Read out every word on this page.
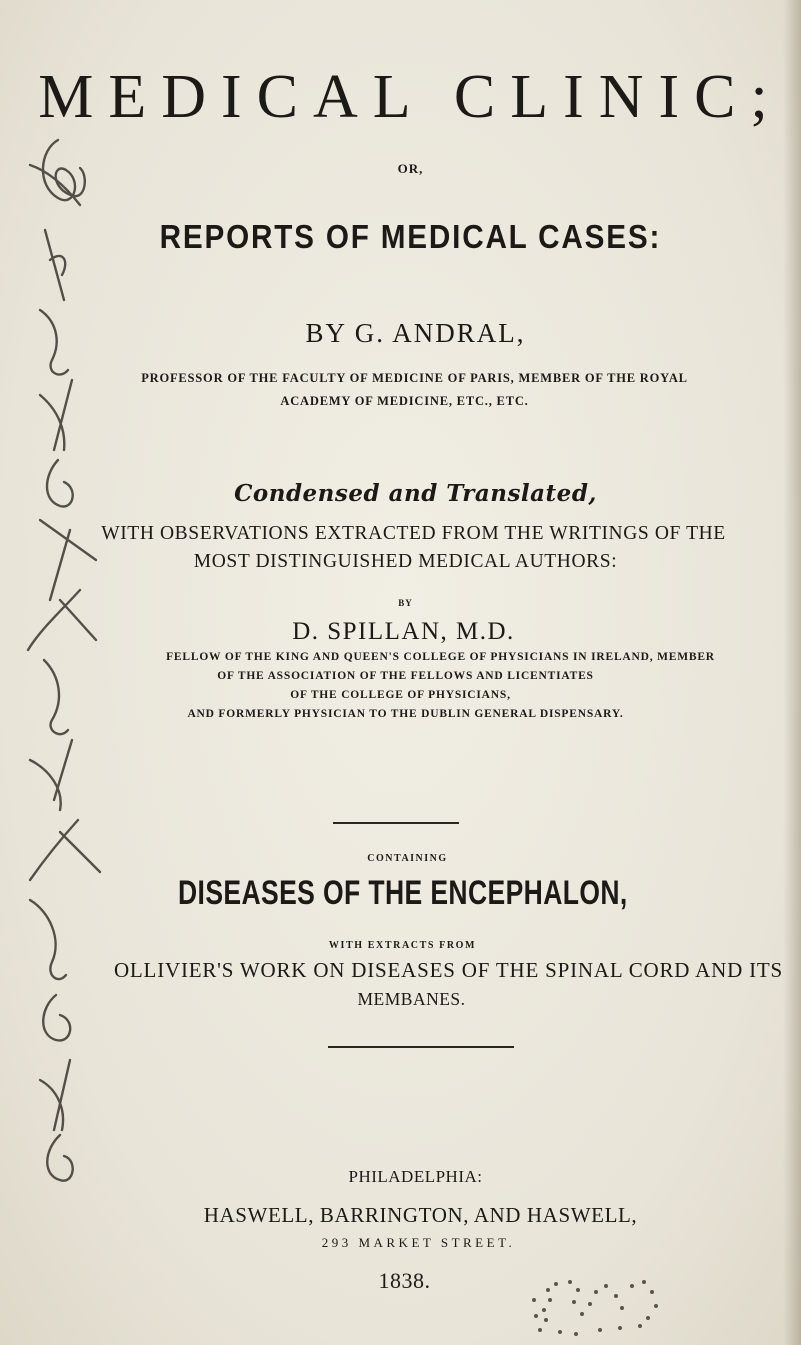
MEDICAL CLINIC;
OR,
REPORTS OF MEDICAL CASES:
BY G. ANDRAL,
PROFESSOR OF THE FACULTY OF MEDICINE OF PARIS, MEMBER OF THE ROYAL
ACADEMY OF MEDICINE, ETC., ETC.
Condensed and Translated,
WITH OBSERVATIONS EXTRACTED FROM THE WRITINGS OF THE
MOST DISTINGUISHED MEDICAL AUTHORS:
BY
D. SPILLAN, M.D.
FELLOW OF THE KING AND QUEEN'S COLLEGE OF PHYSICIANS IN IRELAND, MEMBER
OF THE ASSOCIATION OF THE FELLOWS AND LICENTIATES
OF THE COLLEGE OF PHYSICIANS,
AND FORMERLY PHYSICIAN TO THE DUBLIN GENERAL DISPENSARY.
CONTAINING
DISEASES OF THE ENCEPHALON,
WITH EXTRACTS FROM
OLLIVIER'S WORK ON DISEASES OF THE SPINAL CORD AND ITS
MEMBANES.
PHILADELPHIA:
HASWELL, BARRINGTON, AND HASWELL,
293 MARKET STREET.
1838.
